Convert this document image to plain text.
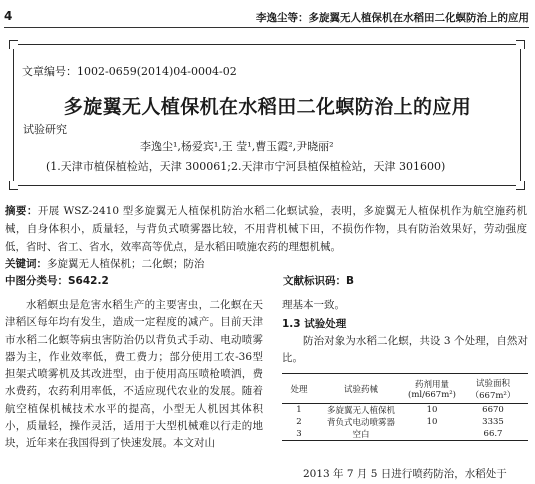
4	李逸尘等：多旋翼无人植保机在水稻田二化螟防治上的应用
文章编号：1002-0659(2014)04-0004-02
多旋翼无人植保机在水稻田二化螟防治上的应用
试验研究
李逸尘¹,杨爱宾¹,王 莹¹,曹玉霞²,尹晓丽²
(1.天津市植保植检站，天津 300061;2.天津市宁河县植保植检站，天津 301600)
摘要：开展 WSZ-2410 型多旋翼无人植保机防治水稻二化螟试验，表明，多旋翼无人植保机作为航空施药机械，自身体积小，质量轻，与背负式喷雾器比较，不用背机械下田，不损伤作物，具有防治效果好，劳动强度低，省时、省工、省水，效率高等优点，是水稻田喷施农药的理想机械。
关键词：多旋翼无人植保机；二化螟；防治
中图分类号：S642.2	文献标识码：B
水稻螟虫是危害水稻生产的主要害虫，二化螟在天津稻区每年均有发生，造成一定程度的减产。目前天津市水稻二化螟等病虫害防治仍以背负式手动、电动喷雾器为主，作业效率低，费工费力；部分使用工农-36型担架式喷雾机及其改进型，由于使用高压喷枪喷洒，费水费药，农药利用率低，不适应现代农业的发展。随着航空植保机械技术水平的提高，小型无人机因其体积小，质量轻，操作灵活，适用于大型机械难以行走的地块，近年来在我国得到了快速发展。本文对山
理基本一致。
1.3 试验处理
防治对象为水稻二化螟，共设 3 个处理，自然对比。
处理	试验药械	药剂用量 (ml/667m²)	试验面积（667m²）
1	多旋翼无人植保机	10	6670
2	背负式电动喷雾器	10	3335
3	空白		66.7
2013 年 7 月 5 日进行喷药防治，水稻处于
